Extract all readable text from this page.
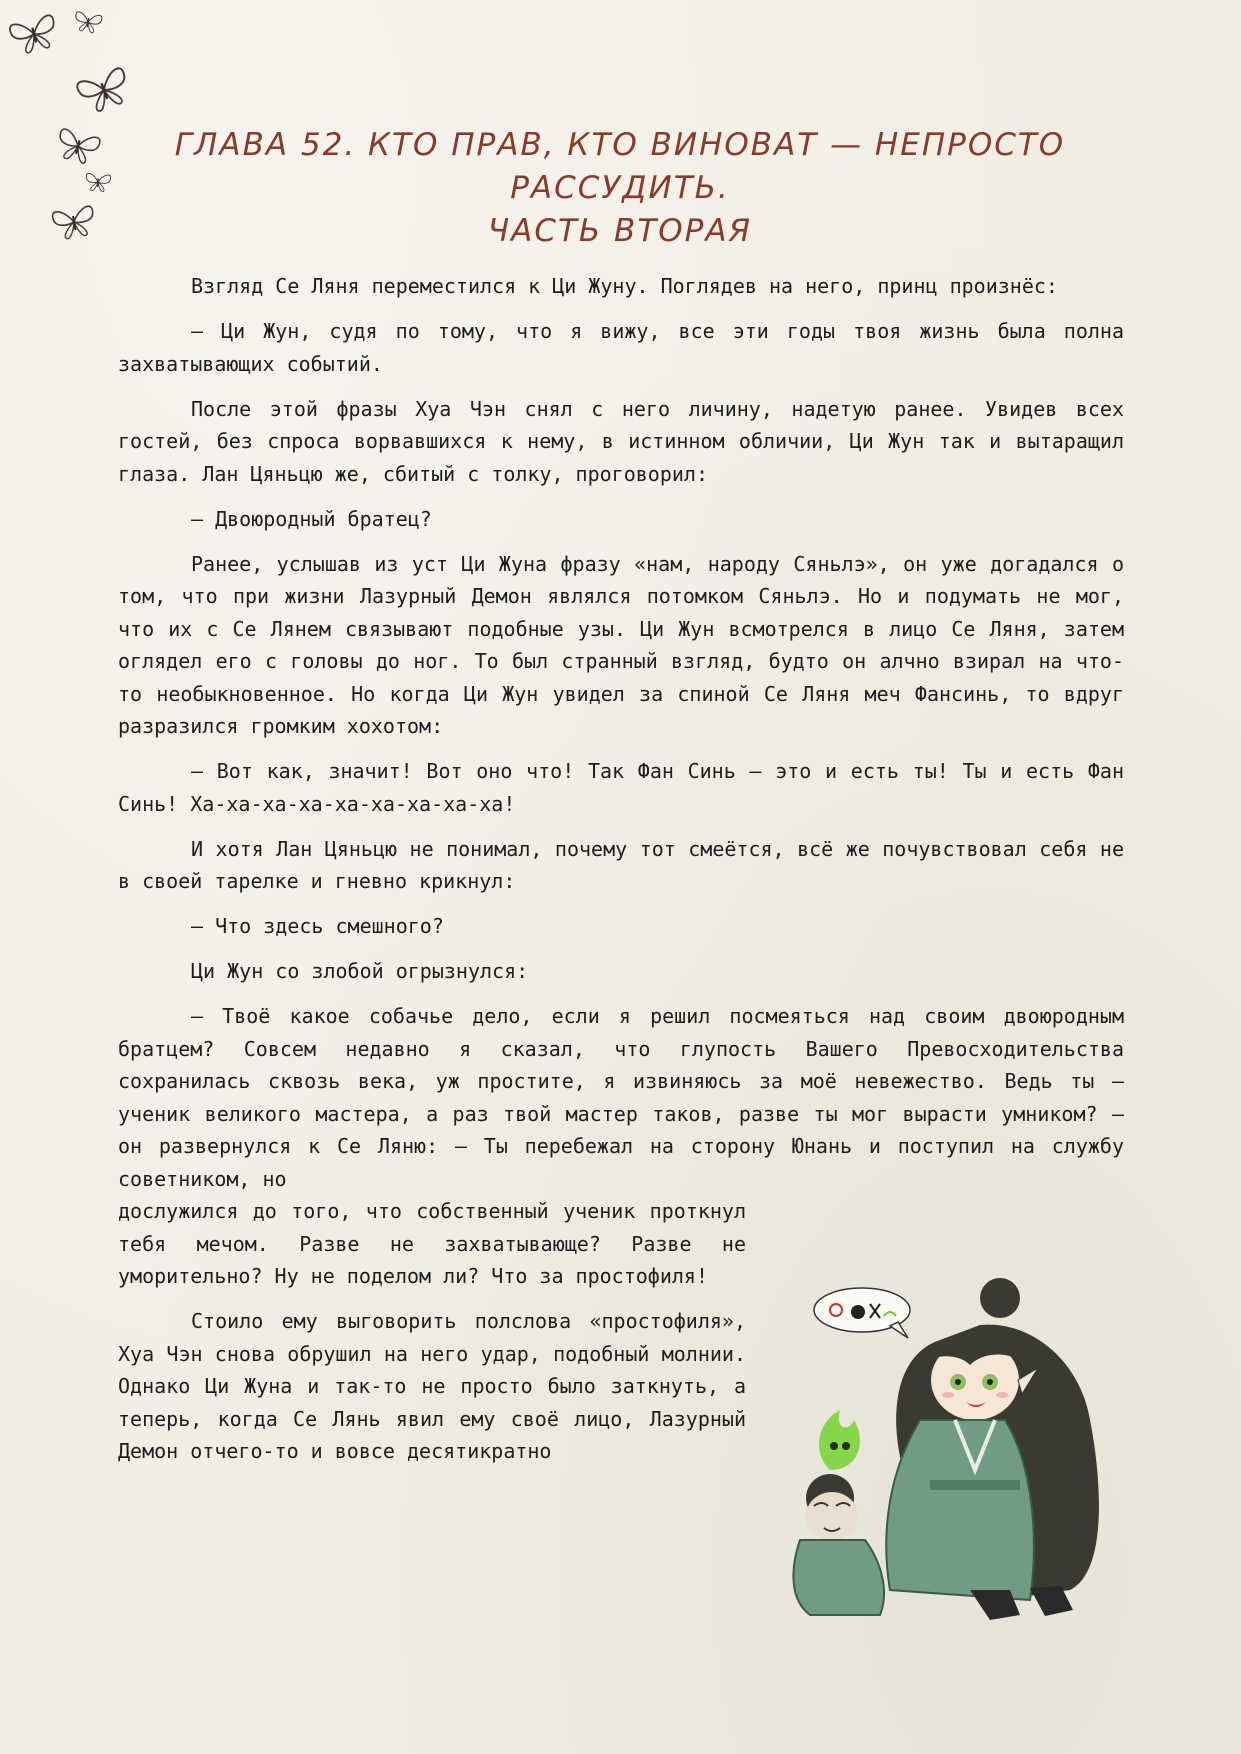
ГЛАВА 52. КТО ПРАВ, КТО ВИНОВАТ — НЕПРОСТО РАССУДИТЬ.
ЧАСТЬ ВТОРАЯ

Взгляд Се Ляня переместился к Ци Жуну. Поглядев на него, принц произнёс:

— Ци Жун, судя по тому, что я вижу, все эти годы твоя жизнь была полна захватывающих событий.

После этой фразы Хуа Чэн снял с него личину, надетую ранее. Увидев всех гостей, без спроса ворвавшихся к нему, в истинном обличии, Ци Жун так и вытаращил глаза. Лан Цяньцю же, сбитый с толку, проговорил:

— Двоюродный братец?

Ранее, услышав из уст Ци Жуна фразу «нам, народу Сяньлэ», он уже догадался о том, что при жизни Лазурный Демон являлся потомком Сяньлэ. Но и подумать не мог, что их с Се Лянем связывают подобные узы. Ци Жун всмотрелся в лицо Се Ляня, затем оглядел его с головы до ног. То был странный взгляд, будто он алчно взирал на что-то необыкновенное. Но когда Ци Жун увидел за спиной Се Ляня меч Фансинь, то вдруг разразился громким хохотом:

— Вот как, значит! Вот оно что! Так Фан Синь — это и есть ты! Ты и есть Фан Синь! Ха-ха-ха-ха-ха-ха-ха-ха-ха!

И хотя Лан Цяньцю не понимал, почему тот смеётся, всё же почувствовал себя не в своей тарелке и гневно крикнул:

— Что здесь смешного?

Ци Жун со злобой огрызнулся:

— Твоё какое собачье дело, если я решил посмеяться над своим двоюродным братцем? Совсем недавно я сказал, что глупость Вашего Превосходительства сохранилась сквозь века, уж простите, я извиняюсь за моё невежество. Ведь ты — ученик великого мастера, а раз твой мастер таков, разве ты мог вырасти умником? — он развернулся к Се Ляню: — Ты перебежал на сторону Юнань и поступил на службу советником, но

дослужился до того, что собственный ученик проткнул тебя мечом. Разве не захватывающе? Разве не уморительно? Ну не поделом ли? Что за простофиля!

Стоило ему выговорить полслова «простофиля», Хуа Чэн снова обрушил на него удар, подобный молнии. Однако Ци Жуна и так-то не просто было заткнуть, а теперь, когда Се Лянь явил ему своё лицо, Лазурный Демон отчего-то и вовсе десятикратно
